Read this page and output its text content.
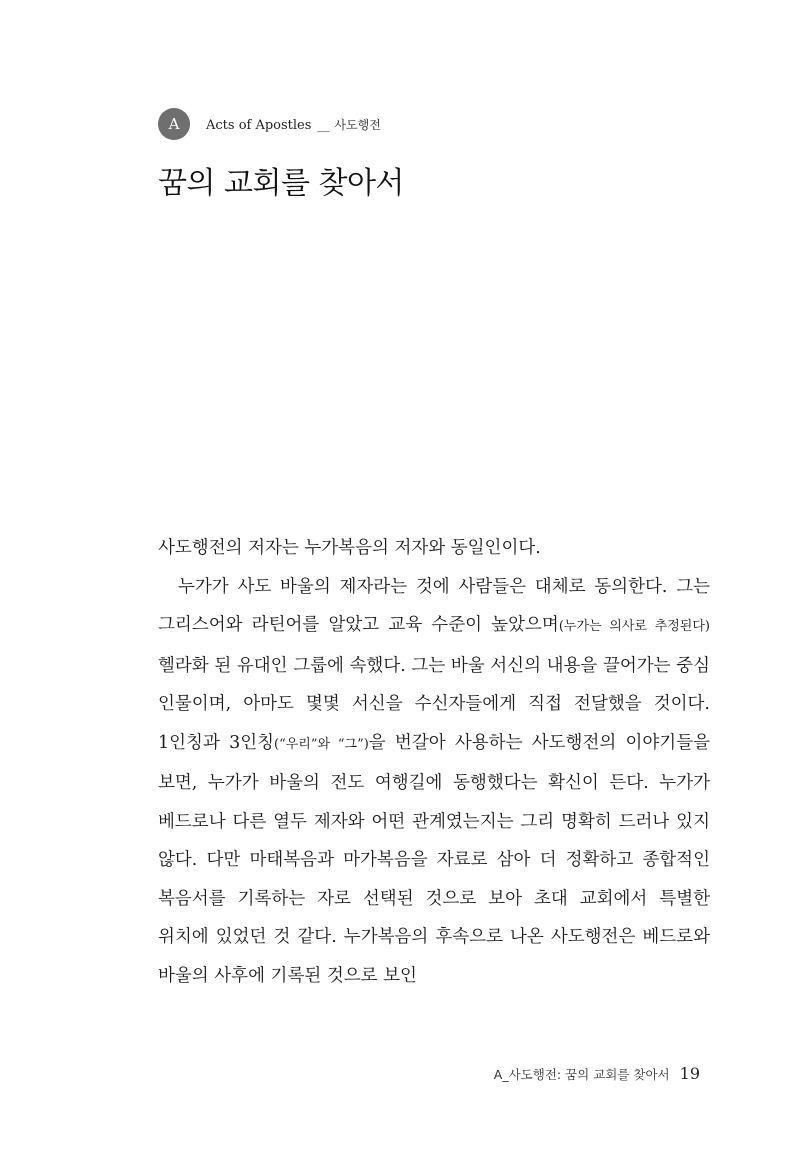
A	Acts of Apostles __ 사도행전
꿈의 교회를 찾아서

사도행전의 저자는 누가복음의 저자와 동일인이다.

누가가 사도 바울의 제자라는 것에 사람들은 대체로 동의한다. 그는 그리스어와 라틴어를 알았고 교육 수준이 높았으며(누가는 의사로 추정된다) 헬라화 된 유대인 그룹에 속했다. 그는 바울 서신의 내용을 끌어가는 중심 인물이며, 아마도 몇몇 서신을 수신자들에게 직접 전달했을 것이다. 1인칭과 3인칭(“우리”와 “그”)을 번갈아 사용하는 사도행전의 이야기들을 보면, 누가가 바울의 전도 여행길에 동행했다는 확신이 든다. 누가가 베드로나 다른 열두 제자와 어떤 관계였는지는 그리 명확히 드러나 있지 않다. 다만 마태복음과 마가복음을 자료로 삼아 더 정확하고 종합적인 복음서를 기록하는 자로 선택된 것으로 보아 초대 교회에서 특별한 위치에 있었던 것 같다. 누가복음의 후속으로 나온 사도행전은 베드로와 바울의 사후에 기록된 것으로 보인

A_사도행전: 꿈의 교회를 찾아서 19
